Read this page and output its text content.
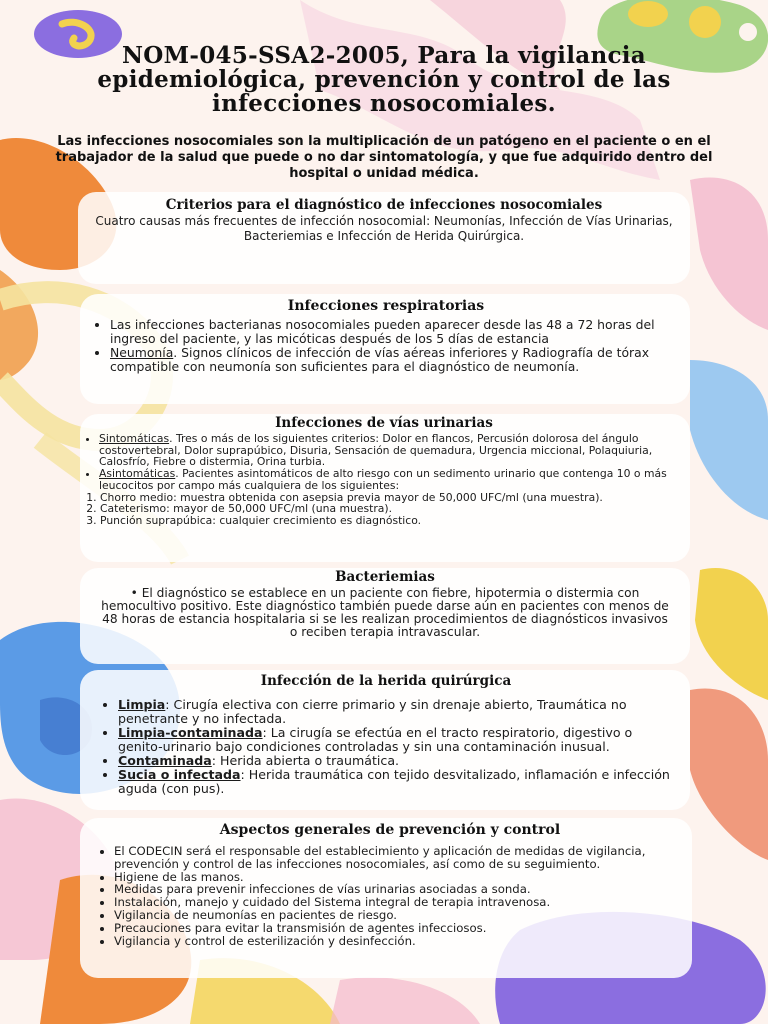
NOM-045-SSA2-2005, Para la vigilancia epidemiológica, prevención y control de las infecciones nosocomiales.

Las infecciones nosocomiales son la multiplicación de un patógeno en el paciente o en el trabajador de la salud que puede o no dar sintomatología, y que fue adquirido dentro del hospital o unidad médica.

Criterios para el diagnóstico de infecciones nosocomiales

Cuatro causas más frecuentes de infección nosocomial: Neumonías, Infección de Vías Urinarias, Bacteriemias e Infección de Herida Quirúrgica.

Infecciones respiratorias
• Las infecciones bacterianas nosocomiales pueden aparecer desde las 48 a 72 horas del ingreso del paciente, y las micóticas después de los 5 días de estancia
• Neumonía. Signos clínicos de infección de vías aéreas inferiores y Radiografía de tórax compatible con neumonía son suficientes para el diagnóstico de neumonía.
Infecciones de vías urinarias
• Sintomáticas. Tres o más de los siguientes criterios: Dolor en flancos, Percusión dolorosa del ángulo costovertebral, Dolor suprapúbico, Disuria, Sensación de quemadura, Urgencia miccional, Polaquiuria, Calosfrío, Fiebre o distermia, Orina turbia.
• Asintomáticas. Pacientes asintomáticos de alto riesgo con un sedimento urinario que contenga 10 o más leucocitos por campo más cualquiera de los siguientes:
1. Chorro medio: muestra obtenida con asepsia previa mayor de 50,000 UFC/ml (una muestra).
2. Cateterismo: mayor de 50,000 UFC/ml (una muestra).
3. Punción suprapúbica: cualquier crecimiento es diagnóstico.
Bacteriemias
• El diagnóstico se establece en un paciente con fiebre, hipotermia o distermia con hemocultivo positivo. Este diagnóstico también puede darse aún en pacientes con menos de 48 horas de estancia hospitalaria si se les realizan procedimientos de diagnósticos invasivos o reciben terapia intravascular.
Infección de la herida quirúrgica
• Limpia: Cirugía electiva con cierre primario y sin drenaje abierto, Traumática no penetrante y no infectada.
• Limpia-contaminada: La cirugía se efectúa en el tracto respiratorio, digestivo o genito-urinario bajo condiciones controladas y sin una contaminación inusual.
• Contaminada: Herida abierta o traumática.
• Sucia o infectada: Herida traumática con tejido desvitalizado, inflamación e infección aguda (con pus).
Aspectos generales de prevención y control
• El CODECIN será el responsable del establecimiento y aplicación de medidas de vigilancia, prevención y control de las infecciones nosocomiales, así como de su seguimiento.
• Higiene de las manos.
• Medidas para prevenir infecciones de vías urinarias asociadas a sonda.
• Instalación, manejo y cuidado del Sistema integral de terapia intravenosa.
• Vigilancia de neumonías en pacientes de riesgo.
• Precauciones para evitar la transmisión de agentes infecciosos.
• Vigilancia y control de esterilización y desinfección.
